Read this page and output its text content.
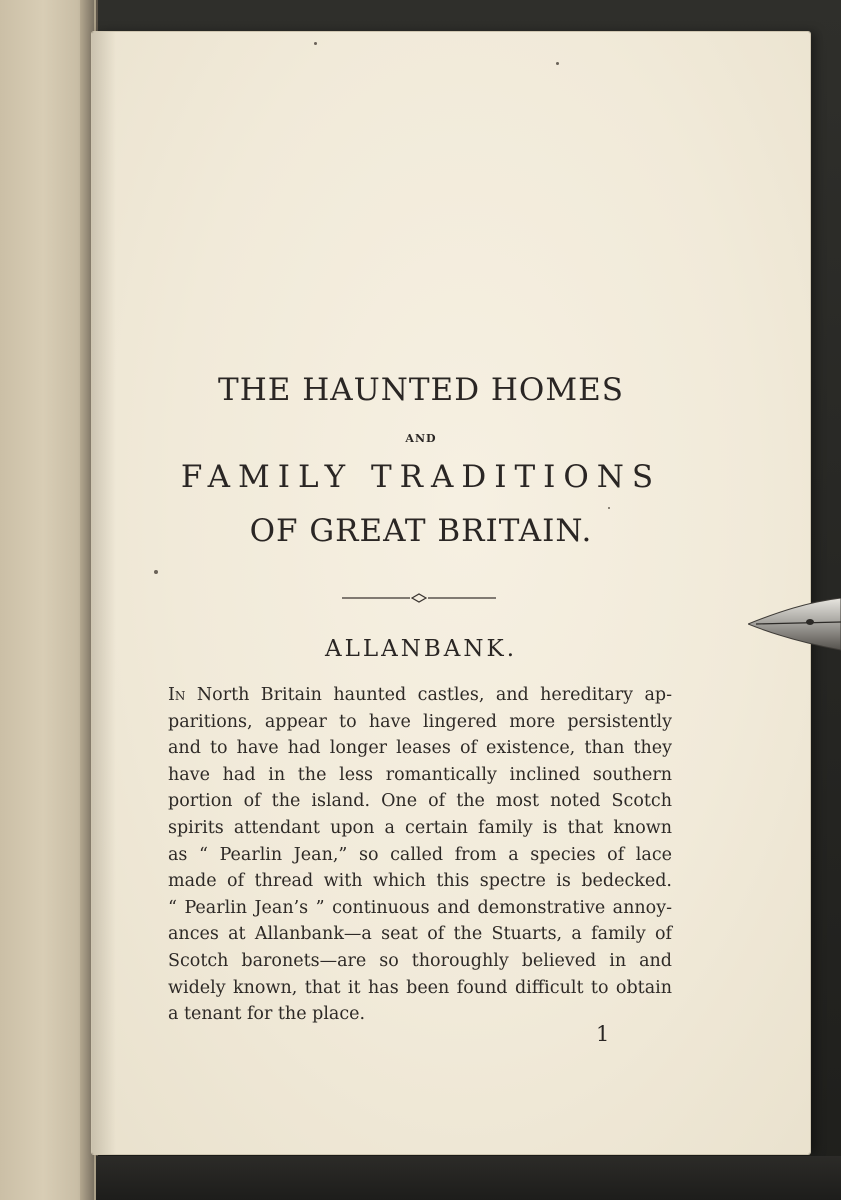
THE HAUNTED HOMES
AND
FAMILY TRADITIONS
OF GREAT BRITAIN.
ALLANBANK.
In North Britain haunted castles, and hereditary ap-
paritions, appear to have lingered more persistently
and to have had longer leases of existence, than they
have had in the less romantically inclined southern
portion of the island. One of the most noted Scotch
spirits attendant upon a certain family is that known
as “ Pearlin Jean,” so called from a species of lace
made of thread with which this spectre is bedecked.
“ Pearlin Jean’s ” continuous and demonstrative annoy-
ances at Allanbank—a seat of the Stuarts, a family of
Scotch baronets—are so thoroughly believed in and
widely known, that it has been found difficult to obtain
a tenant for the place.
1
